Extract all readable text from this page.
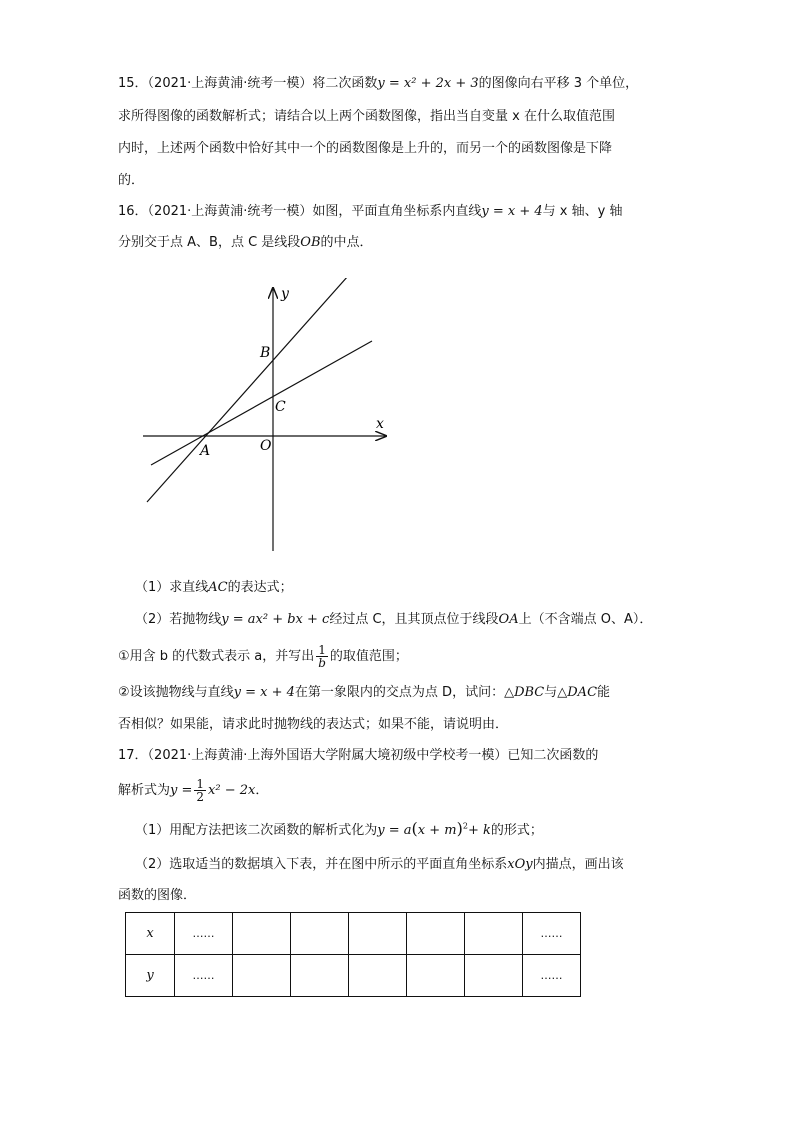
15．（2021·上海黄浦·统考一模）将二次函数y = x² + 2x + 3的图像向右平移 3 个单位，
求所得图像的函数解析式；请结合以上两个函数图像，指出当自变量 x 在什么取值范围
内时，上述两个函数中恰好其中一个的函数图像是上升的，而另一个的函数图像是下降
的．
16．（2021·上海黄浦·统考一模）如图，平面直角坐标系内直线y = x + 4与 x 轴、y 轴
分别交于点 A、B，点 C 是线段OB的中点．
y
x
B
C
O
A
（1）求直线AC的表达式；
（2）若抛物线y = ax² + bx + c经过点 C，且其顶点位于线段OA上（不含端点 O、A）．
①用含 b 的代数式表示 a，并写出 $\frac{1}{b}$ 的取值范围；
②设该抛物线与直线y = x + 4在第一象限内的交点为点 D，试问：△DBC与△DAC能
否相似？如果能，请求此时抛物线的表达式；如果不能，请说明由．
17．（2021·上海黄浦·上海外国语大学附属大境初级中学校考一模）已知二次函数的
解析式为$y = \frac{1}{2} x^2 - 2x$．
（1）用配方法把该二次函数的解析式化为$y = a(x + m)^2+ k$的形式；
（2）选取适当的数据填入下表，并在图中所示的平面直角坐标系xOy内描点，画出该
函数的图像．
x	……						……
y	……						……
